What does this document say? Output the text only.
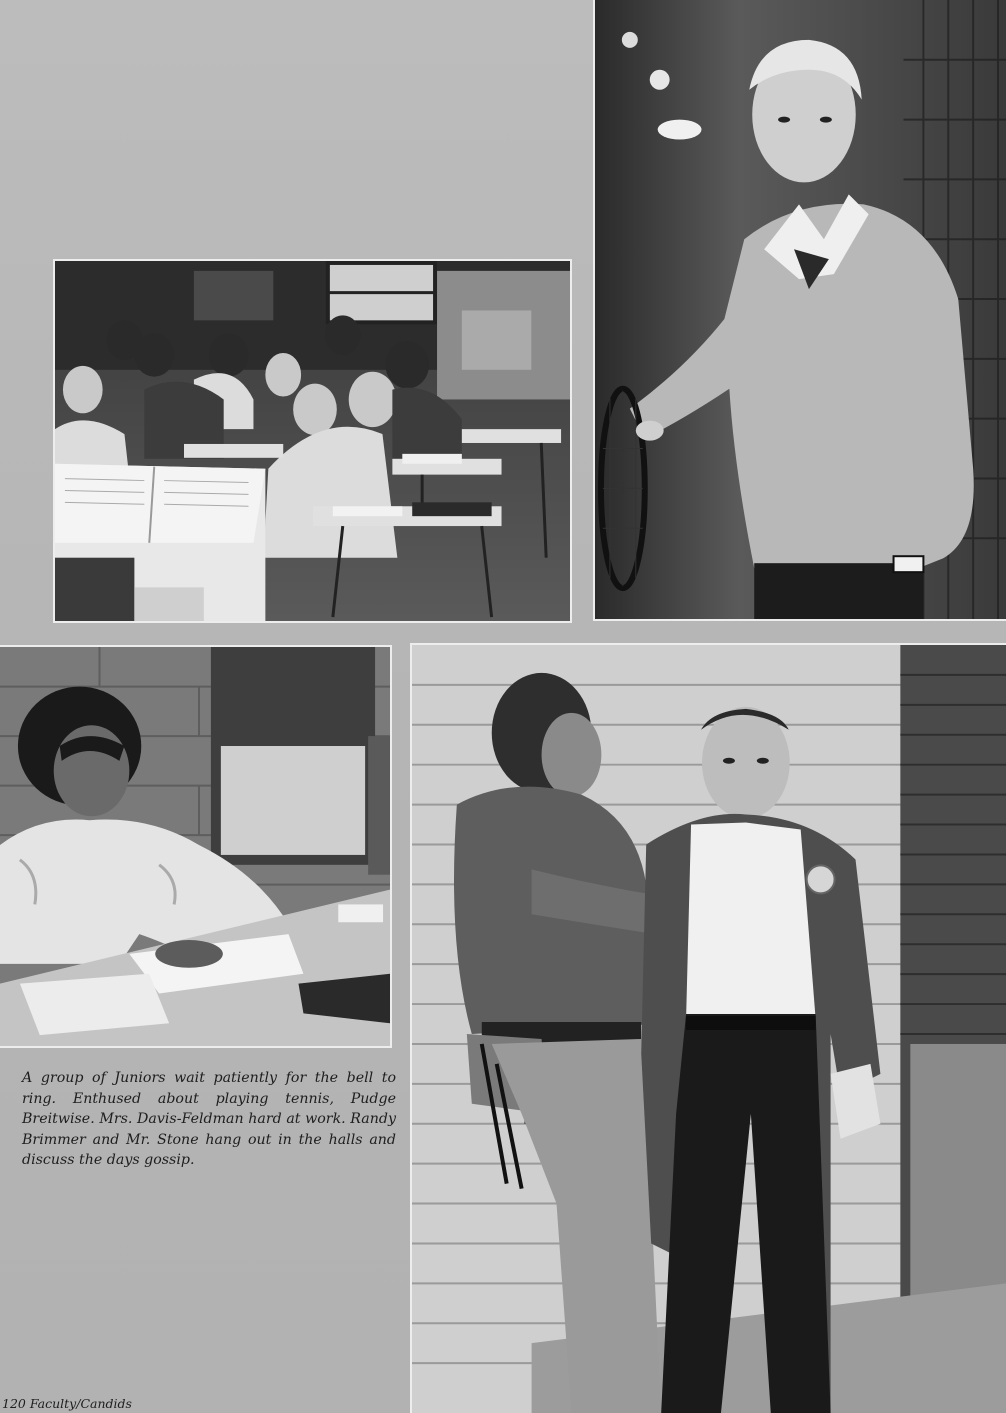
A group of Juniors wait patiently for the bell to ring. Enthused about playing tennis, Pudge Breitwise. Mrs. Davis-Feldman hard at work. Randy Brimmer and Mr. Stone hang out in the halls and discuss the days gossip.

120 Faculty/Candids
